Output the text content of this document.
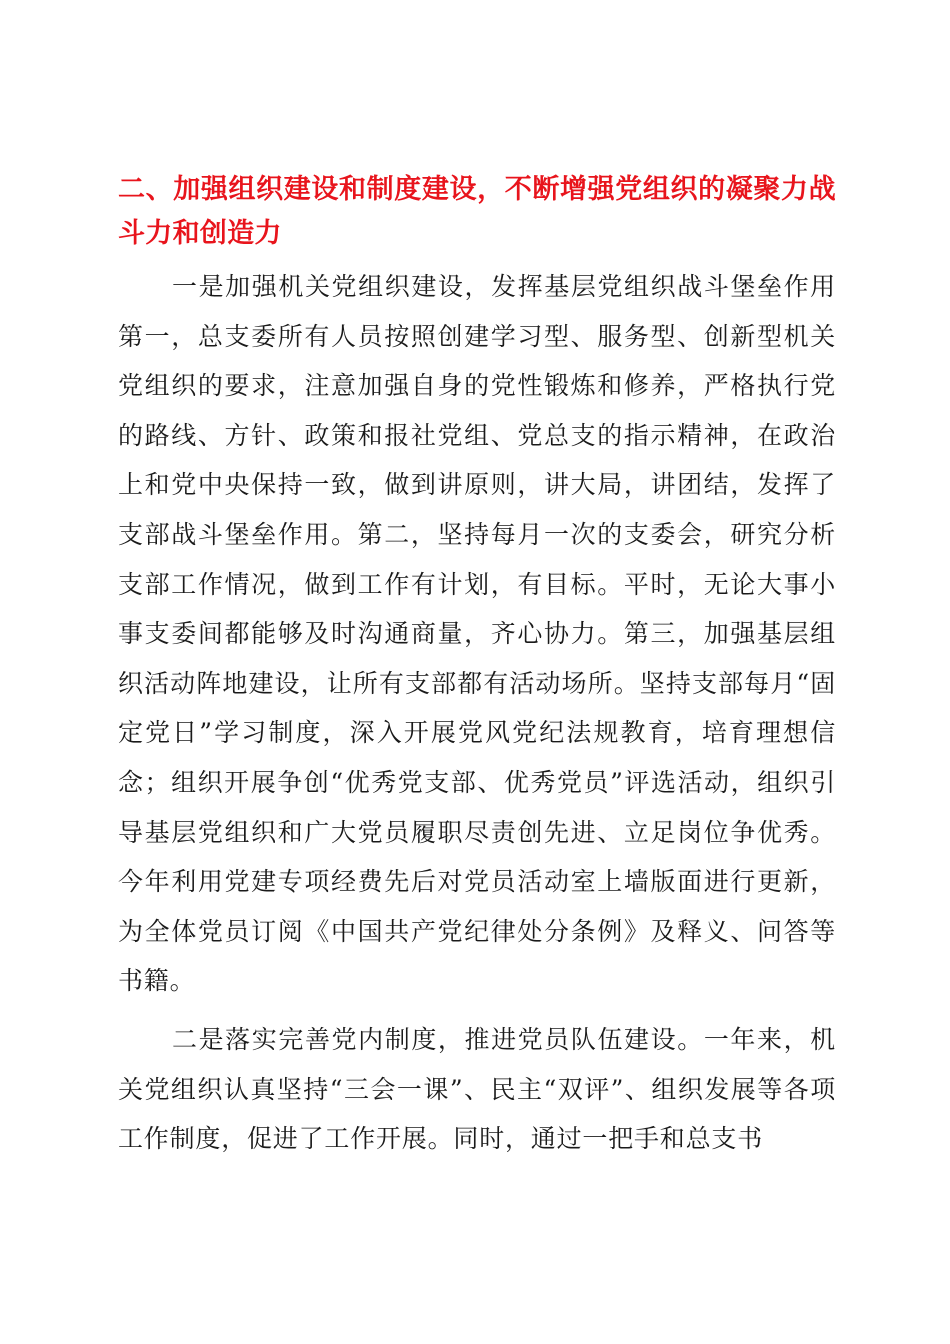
二、加强组织建设和制度建设，不断增强党组织的凝聚力战斗力和创造力

一是加强机关党组织建设，发挥基层党组织战斗堡垒作用第一，总支委所有人员按照创建学习型、服务型、创新型机关党组织的要求，注意加强自身的党性锻炼和修养，严格执行党的路线、方针、政策和报社党组、党总支的指示精神，在政治上和党中央保持一致，做到讲原则，讲大局，讲团结，发挥了支部战斗堡垒作用。第二，坚持每月一次的支委会，研究分析支部工作情况，做到工作有计划，有目标。平时，无论大事小事支委间都能够及时沟通商量，齐心协力。第三，加强基层组织活动阵地建设，让所有支部都有活动场所。坚持支部每月“固定党日”学习制度，深入开展党风党纪法规教育，培育理想信念；组织开展争创“优秀党支部、优秀党员”评选活动，组织引导基层党组织和广大党员履职尽责创先进、立足岗位争优秀。今年利用党建专项经费先后对党员活动室上墙版面进行更新，为全体党员订阅《中国共产党纪律处分条例》及释义、问答等书籍。

二是落实完善党内制度，推进党员队伍建设。一年来，机关党组织认真坚持“三会一课”、民主“双评”、组织发展等各项工作制度，促进了工作开展。同时，通过一把手和总支书
